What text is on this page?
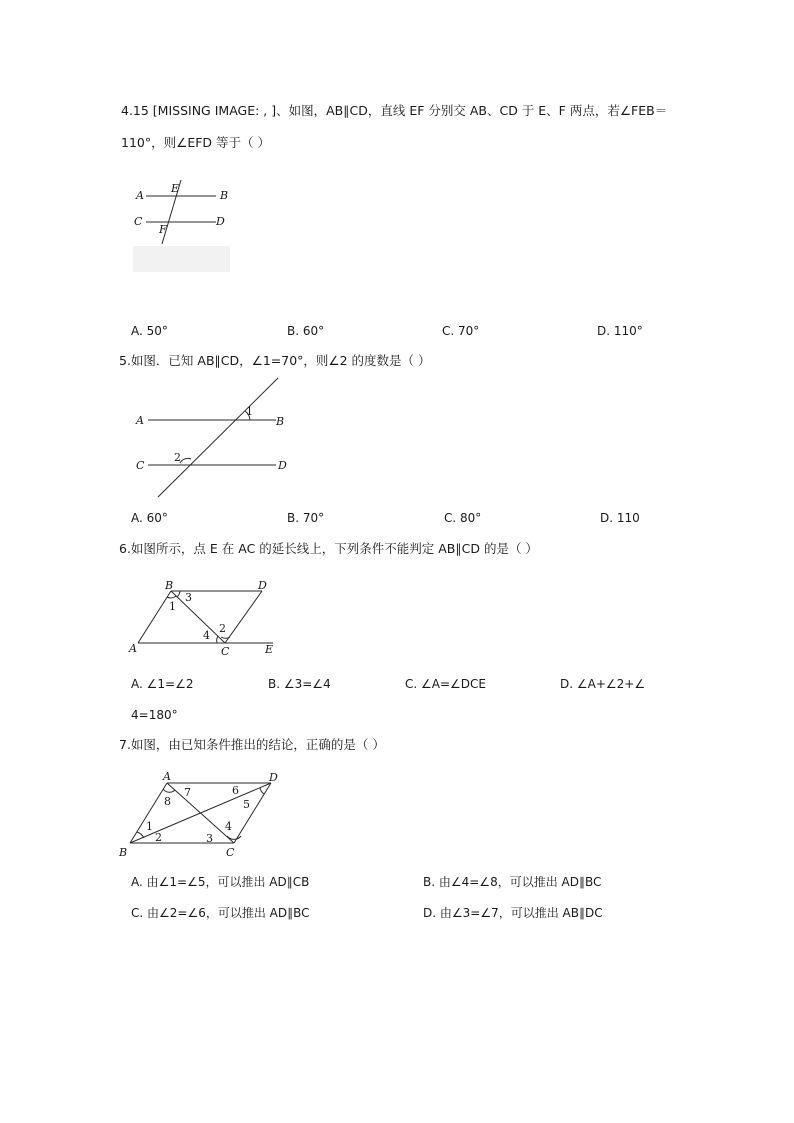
4.15 [MISSING IMAGE: , ]、如图，AB∥CD，直线 EF 分别交 AB、CD 于 E、F 两点，若∠FEB＝
110°，则∠EFD 等于（ ）
A
E
B
C
F
D
A. 50°	B. 60°	C. 70°	D. 110°
5.如图．已知 AB∥CD，∠1=70°，则∠2 的度数是（ ）
A	B
C	D
1
2
A. 60°	B. 70°	C. 80°	D. 110
6.如图所示，点 E 在 AC 的延长线上，下列条件不能判定 AB∥CD 的是（ ）
B	D
A	C	E
1
3
2
4
A. ∠1=∠2	B. ∠3=∠4	C. ∠A=∠DCE	D. ∠A+∠2+∠
4=180°
7.如图，由已知条件推出的结论，正确的是（ ）
A	D
B	C
1
2	3
4
5
6
7
8
A. 由∠1=∠5，可以推出 AD∥CB	B. 由∠4=∠8，可以推出 AD∥BC
C. 由∠2=∠6，可以推出 AD∥BC	D. 由∠3=∠7，可以推出 AB∥DC
